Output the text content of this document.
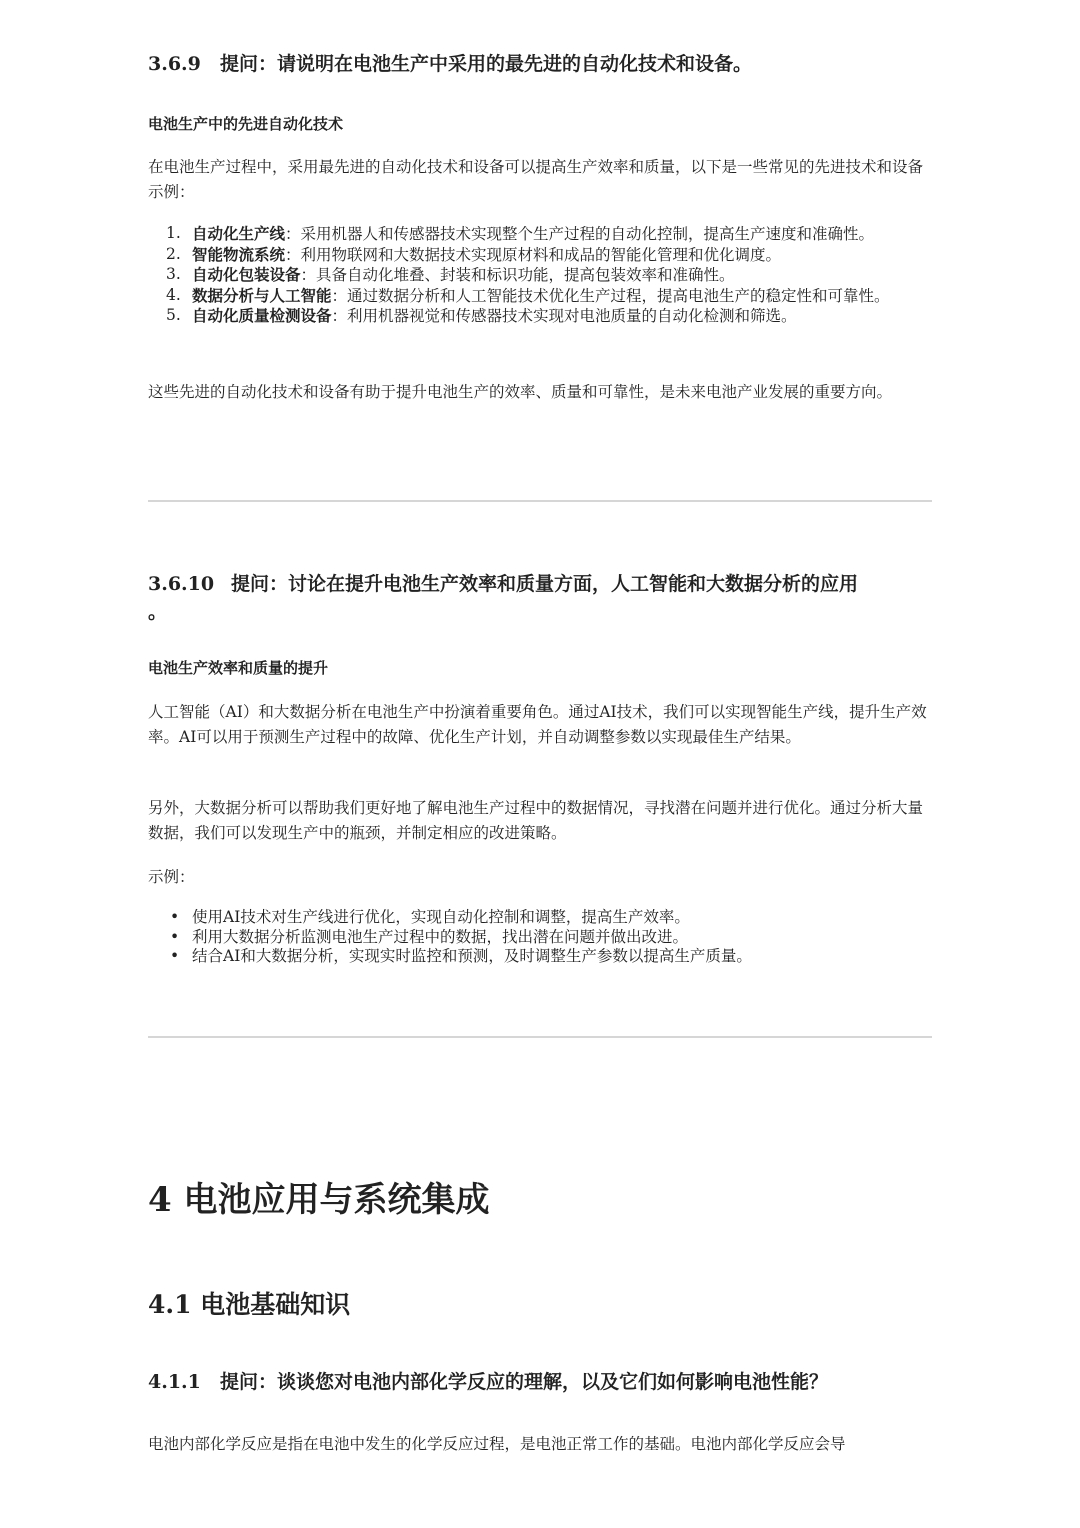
3.6.9 提问：请说明在电池生产中采用的最先进的自动化技术和设备。
电池生产中的先进自动化技术
在电池生产过程中，采用最先进的自动化技术和设备可以提高生产效率和质量，以下是一些常见的先进技术和设备示例：
1. 自动化生产线：采用机器人和传感器技术实现整个生产过程的自动化控制，提高生产速度和准确性。
2. 智能物流系统：利用物联网和大数据技术实现原材料和成品的智能化管理和优化调度。
3. 自动化包装设备：具备自动化堆叠、封装和标识功能，提高包装效率和准确性。
4. 数据分析与人工智能：通过数据分析和人工智能技术优化生产过程，提高电池生产的稳定性和可靠性。
5. 自动化质量检测设备：利用机器视觉和传感器技术实现对电池质量的自动化检测和筛选。
这些先进的自动化技术和设备有助于提升电池生产的效率、质量和可靠性，是未来电池产业发展的重要方向。
3.6.10 提问：讨论在提升电池生产效率和质量方面，人工智能和大数据分析的应用
。
电池生产效率和质量的提升
人工智能（AI）和大数据分析在电池生产中扮演着重要角色。通过AI技术，我们可以实现智能生产线，提升生产效率。AI可以用于预测生产过程中的故障、优化生产计划，并自动调整参数以实现最佳生产结果。
另外，大数据分析可以帮助我们更好地了解电池生产过程中的数据情况，寻找潜在问题并进行优化。通过分析大量数据，我们可以发现生产中的瓶颈，并制定相应的改进策略。
示例：
• 使用AI技术对生产线进行优化，实现自动化控制和调整，提高生产效率。
• 利用大数据分析监测电池生产过程中的数据，找出潜在问题并做出改进。
• 结合AI和大数据分析，实现实时监控和预测，及时调整生产参数以提高生产质量。
4 电池应用与系统集成
4.1 电池基础知识
4.1.1 提问：谈谈您对电池内部化学反应的理解，以及它们如何影响电池性能？
电池内部化学反应是指在电池中发生的化学反应过程，是电池正常工作的基础。电池内部化学反应会导
